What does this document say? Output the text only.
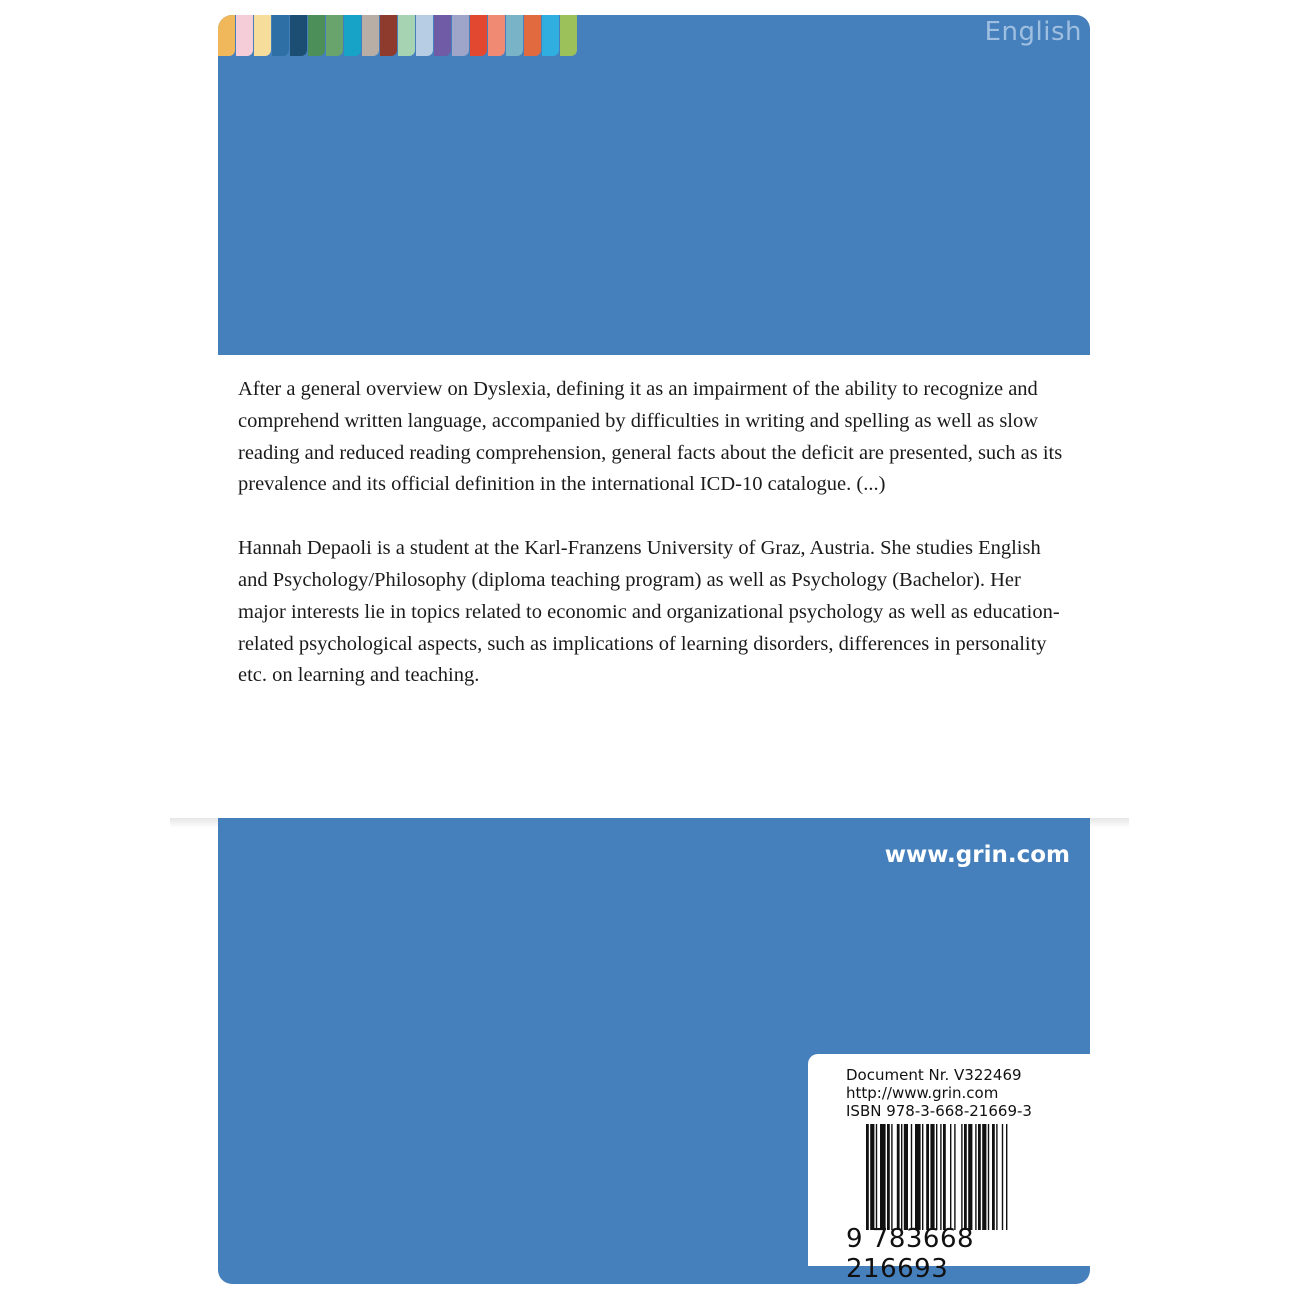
English

After a general overview on Dyslexia, defining it as an impairment of the ability to recognize and comprehend written language, accompanied by difficulties in writing and spelling as well as slow reading and reduced reading comprehension, general facts about the deficit are presented, such as its prevalence and its official definition in the international ICD-10 catalogue. (...)

Hannah Depaoli is a student at the Karl-Franzens University of Graz, Austria. She studies English and Psychology/Philosophy (diploma teaching program) as well as Psychology (Bachelor). Her major interests lie in topics related to economic and organizational psychology as well as education-related psychological aspects, such as implications of learning disorders, differences in personality etc. on learning and teaching.

www.grin.com
Document Nr. V322469
http://www.grin.com
ISBN 978-3-668-21669-3
9 783668 216693
